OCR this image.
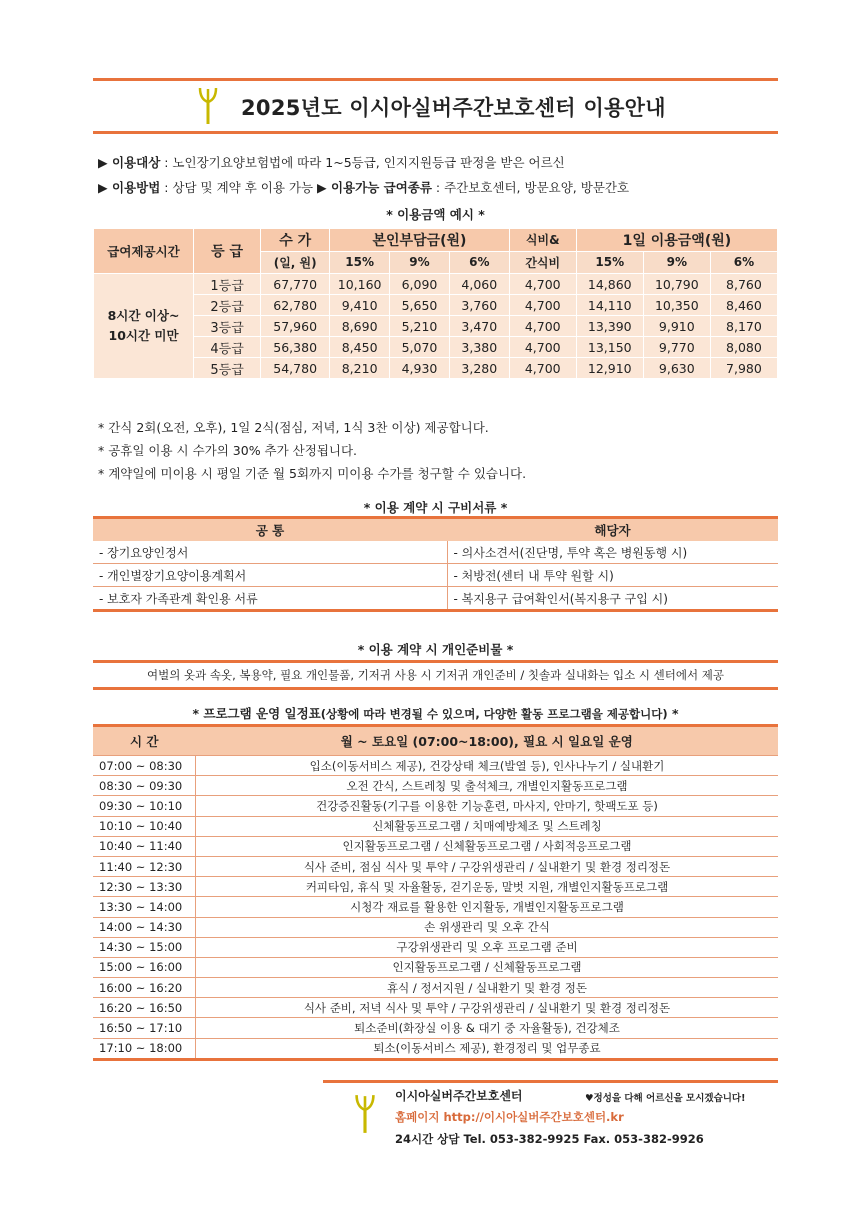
2025년도 이시아실버주간보호센터 이용안내
▶ 이용대상 : 노인장기요양보험법에 따라 1~5등급, 인지지원등급 판정을 받은 어르신
▶ 이용방법 : 상담 및 계약 후 이용 가능 ▶ 이용가능 급여종류 : 주간보호센터, 방문요양, 방문간호
* 이용금액 예시 *
급여제공시간	등 급	수 가	본인부담금(원)			식비&	1일 이용금액(원)		
		(일, 원)	15%	9%	6%	간식비	15%	9%	6%

8시간 이상~
10시간 미만	1등급	67,770	10,160	6,090	4,060	4,700	14,860	10,790	8,760
	2등급	62,780	9,410	5,650	3,760	4,700	14,110	10,350	8,460
	3등급	57,960	8,690	5,210	3,470	4,700	13,390	9,910	8,170
	4등급	56,380	8,450	5,070	3,380	4,700	13,150	9,770	8,080
	5등급	54,780	8,210	4,930	3,280	4,700	12,910	9,630	7,980
* 간식 2회(오전, 오후), 1일 2식(점심, 저녁, 1식 3찬 이상) 제공합니다.
* 공휴일 이용 시 수가의 30% 추가 산정됩니다.
* 계약일에 미이용 시 평일 기준 월 5회까지 미이용 수가를 청구할 수 있습니다.
* 이용 계약 시 구비서류 *
공 통	해당자
- 장기요양인정서	- 의사소견서(진단명, 투약 혹은 병원동행 시)
- 개인별장기요양이용계획서	- 처방전(센터 내 투약 원할 시)
- 보호자 가족관계 확인용 서류	- 복지용구 급여확인서(복지용구 구입 시)
* 이용 계약 시 개인준비물 *
여벌의 옷과 속옷, 복용약, 필요 개인물품, 기저귀 사용 시 기저귀 개인준비 / 칫솔과 실내화는 입소 시 센터에서 제공
* 프로그램 운영 일정표(상황에 따라 변경될 수 있으며, 다양한 활동 프로그램을 제공합니다) *
시 간	월 ~ 토요일 (07:00~18:00), 필요 시 일요일 운영
07:00 ~ 08:30	입소(이동서비스 제공), 건강상태 체크(발열 등), 인사나누기 / 실내환기
08:30 ~ 09:30	오전 간식, 스트레칭 및 출석체크, 개별인지활동프로그램
09:30 ~ 10:10	건강증진활동(기구를 이용한 기능훈련, 마사지, 안마기, 핫팩도포 등)
10:10 ~ 10:40	신체활동프로그램 / 치매예방체조 및 스트레칭
10:40 ~ 11:40	인지활동프로그램 / 신체활동프로그램 / 사회적응프로그램
11:40 ~ 12:30	식사 준비, 점심 식사 및 투약 / 구강위생관리 / 실내환기 및 환경 정리정돈
12:30 ~ 13:30	커피타임, 휴식 및 자율활동, 걷기운동, 말벗 지원, 개별인지활동프로그램
13:30 ~ 14:00	시청각 재료를 활용한 인지활동, 개별인지활동프로그램
14:00 ~ 14:30	손 위생관리 및 오후 간식
14:30 ~ 15:00	구강위생관리 및 오후 프로그램 준비
15:00 ~ 16:00	인지활동프로그램 / 신체활동프로그램
16:00 ~ 16:20	휴식 / 정서지원 / 실내환기 및 환경 정돈
16:20 ~ 16:50	식사 준비, 저녁 식사 및 투약 / 구강위생관리 / 실내환기 및 환경 정리정돈
16:50 ~ 17:10	퇴소준비(화장실 이용 & 대기 중 자율활동), 건강체조
17:10 ~ 18:00	퇴소(이동서비스 제공), 환경정리 및 업무종료
이시아실버주간보호센터	♥정성을 다해 어르신을 모시겠습니다!
홈페이지 http://이시아실버주간보호센터.kr
24시간 상담 Tel. 053-382-9925 Fax. 053-382-9926
